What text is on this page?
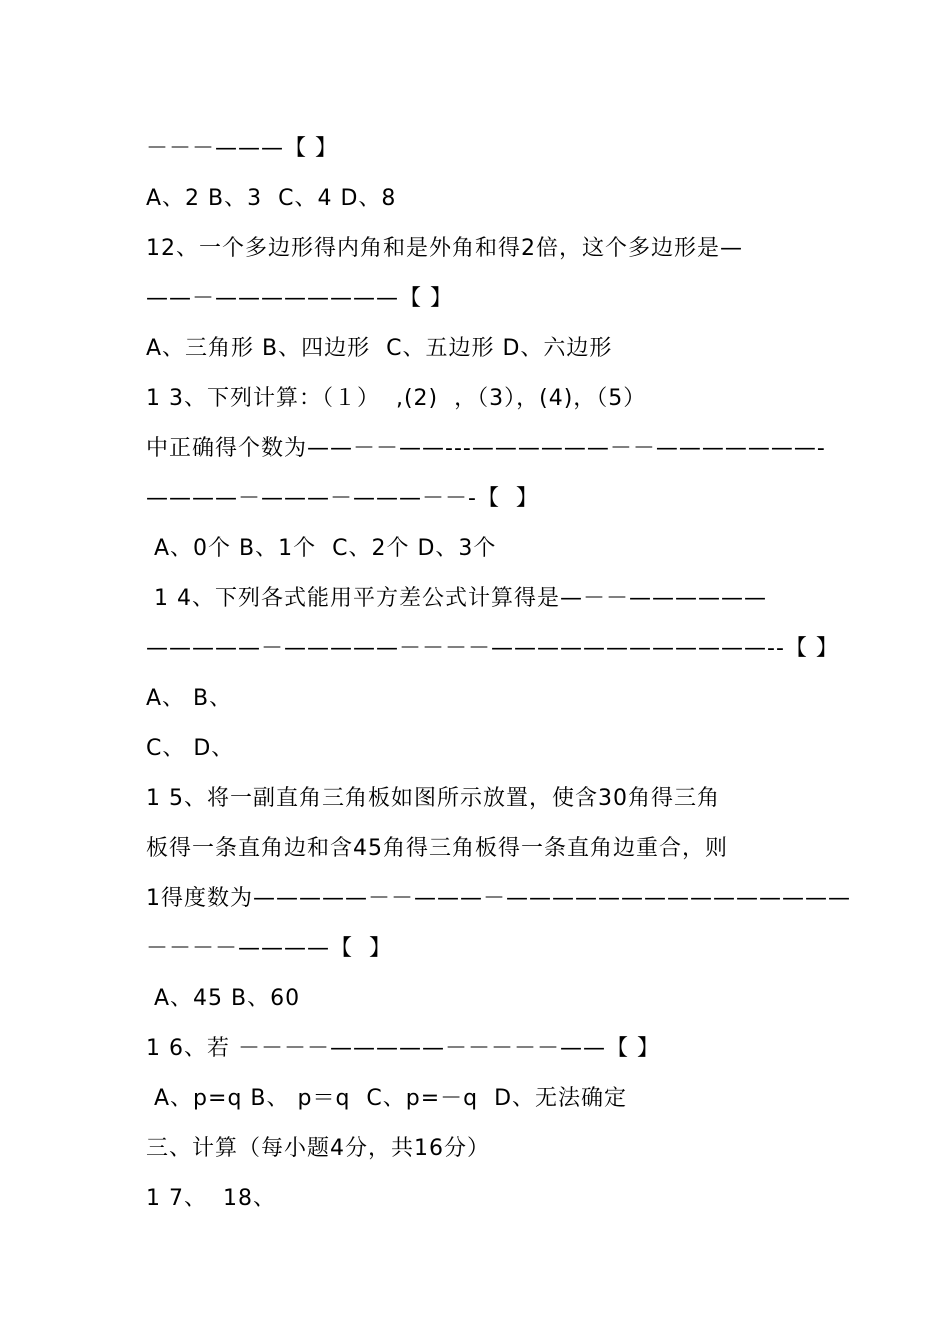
－－－———【 】
A、2 B、3  C、4 D、8
12、一个多边形得内角和是外角和得2倍，这个多边形是—
——－————————【 】
A、三角形 B、四边形  C、五边形 D、六边形
1 3、下列计算：（１）  ,(2)  ，（3），(4)，（5）
中正确得个数为——－－——---——————－－———————-
————－———－———－－-【  】
A、0个 B、1个  C、2个 D、3个
1 4、下列各式能用平方差公式计算得是—－－——————
—————－—————－－－－————————————--【 】
A、 B、
C、 D、
1 5、将一副直角三角板如图所示放置，使含30角得三角
板得一条直角边和含45角得三角板得一条直角边重合，则
1得度数为—————－－———－———————————————
－－－－————【  】
A、45 B、60
1 6、若 －－－－—————－－－－－——【 】
A、p=q B、 p＝q  C、p=－q  D、无法确定
三、计算（每小题4分，共16分）
1 7、  18、
